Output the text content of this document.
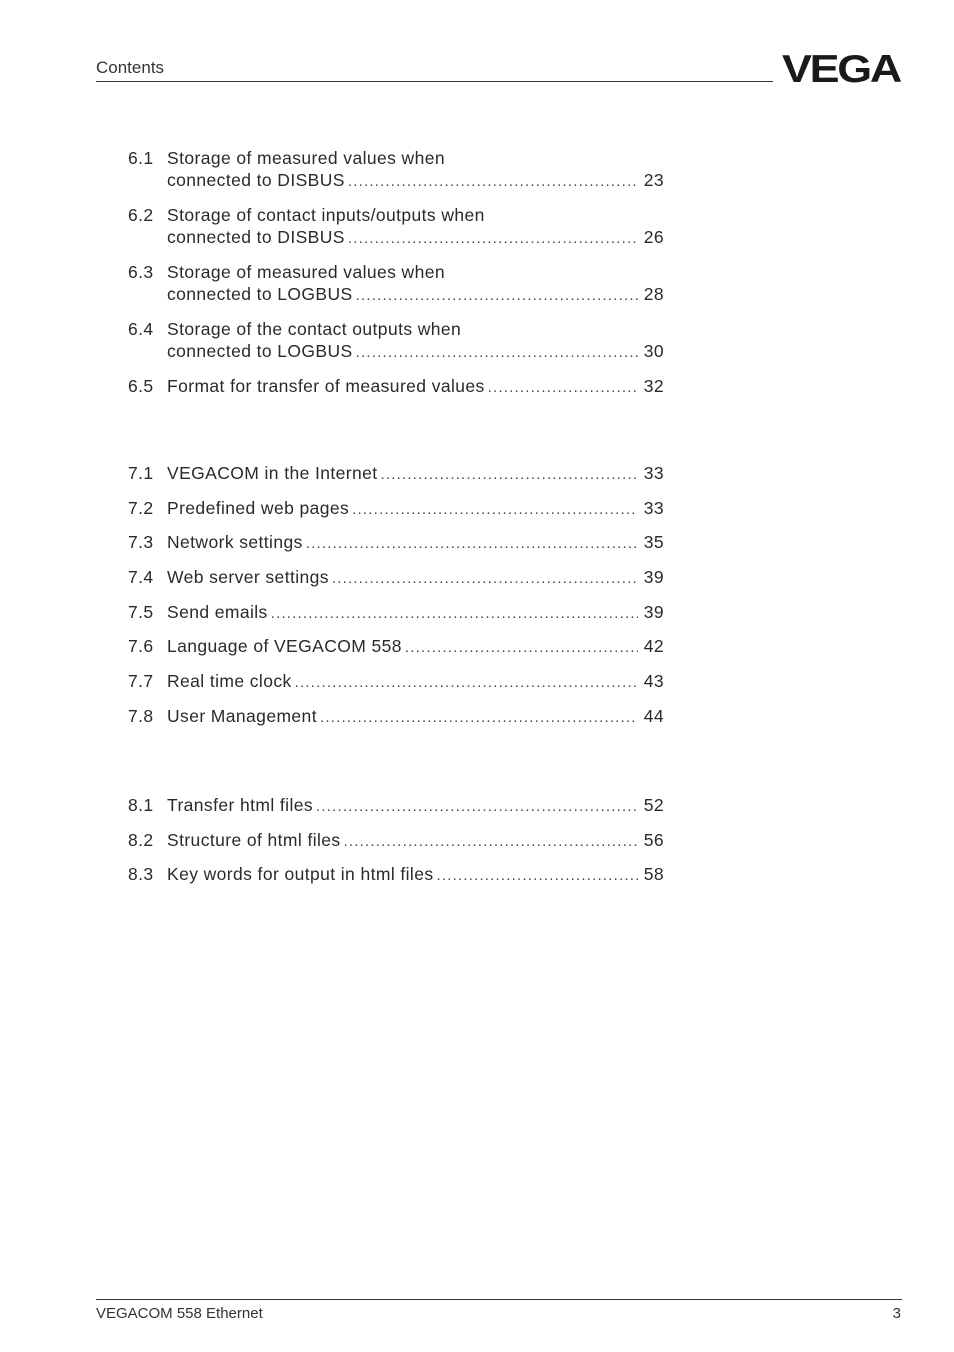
Contents	VEGA
6.1 Storage of measured values when
connected to DISBUS .....	23
6.2 Storage of contact inputs/outputs when
connected to DISBUS .....	26
6.3 Storage of measured values when
connected to LOGBUS .....	28
6.4 Storage of the contact outputs when
connected to LOGBUS .....	30
6.5 Format for transfer of measured values .....	32
7.1 VEGACOM in the Internet .....	33
7.2 Predefined web pages .....	33
7.3 Network settings .....	35
7.4 Web server settings .....	39
7.5 Send emails .....	39
7.6 Language of VEGACOM 558 .....	42
7.7 Real time clock .....	43
7.8 User Management .....	44
8.1 Transfer html files .....	52
8.2 Structure of html files .....	56
8.3 Key words for output in html files .....	58
VEGACOM 558 Ethernet	3
